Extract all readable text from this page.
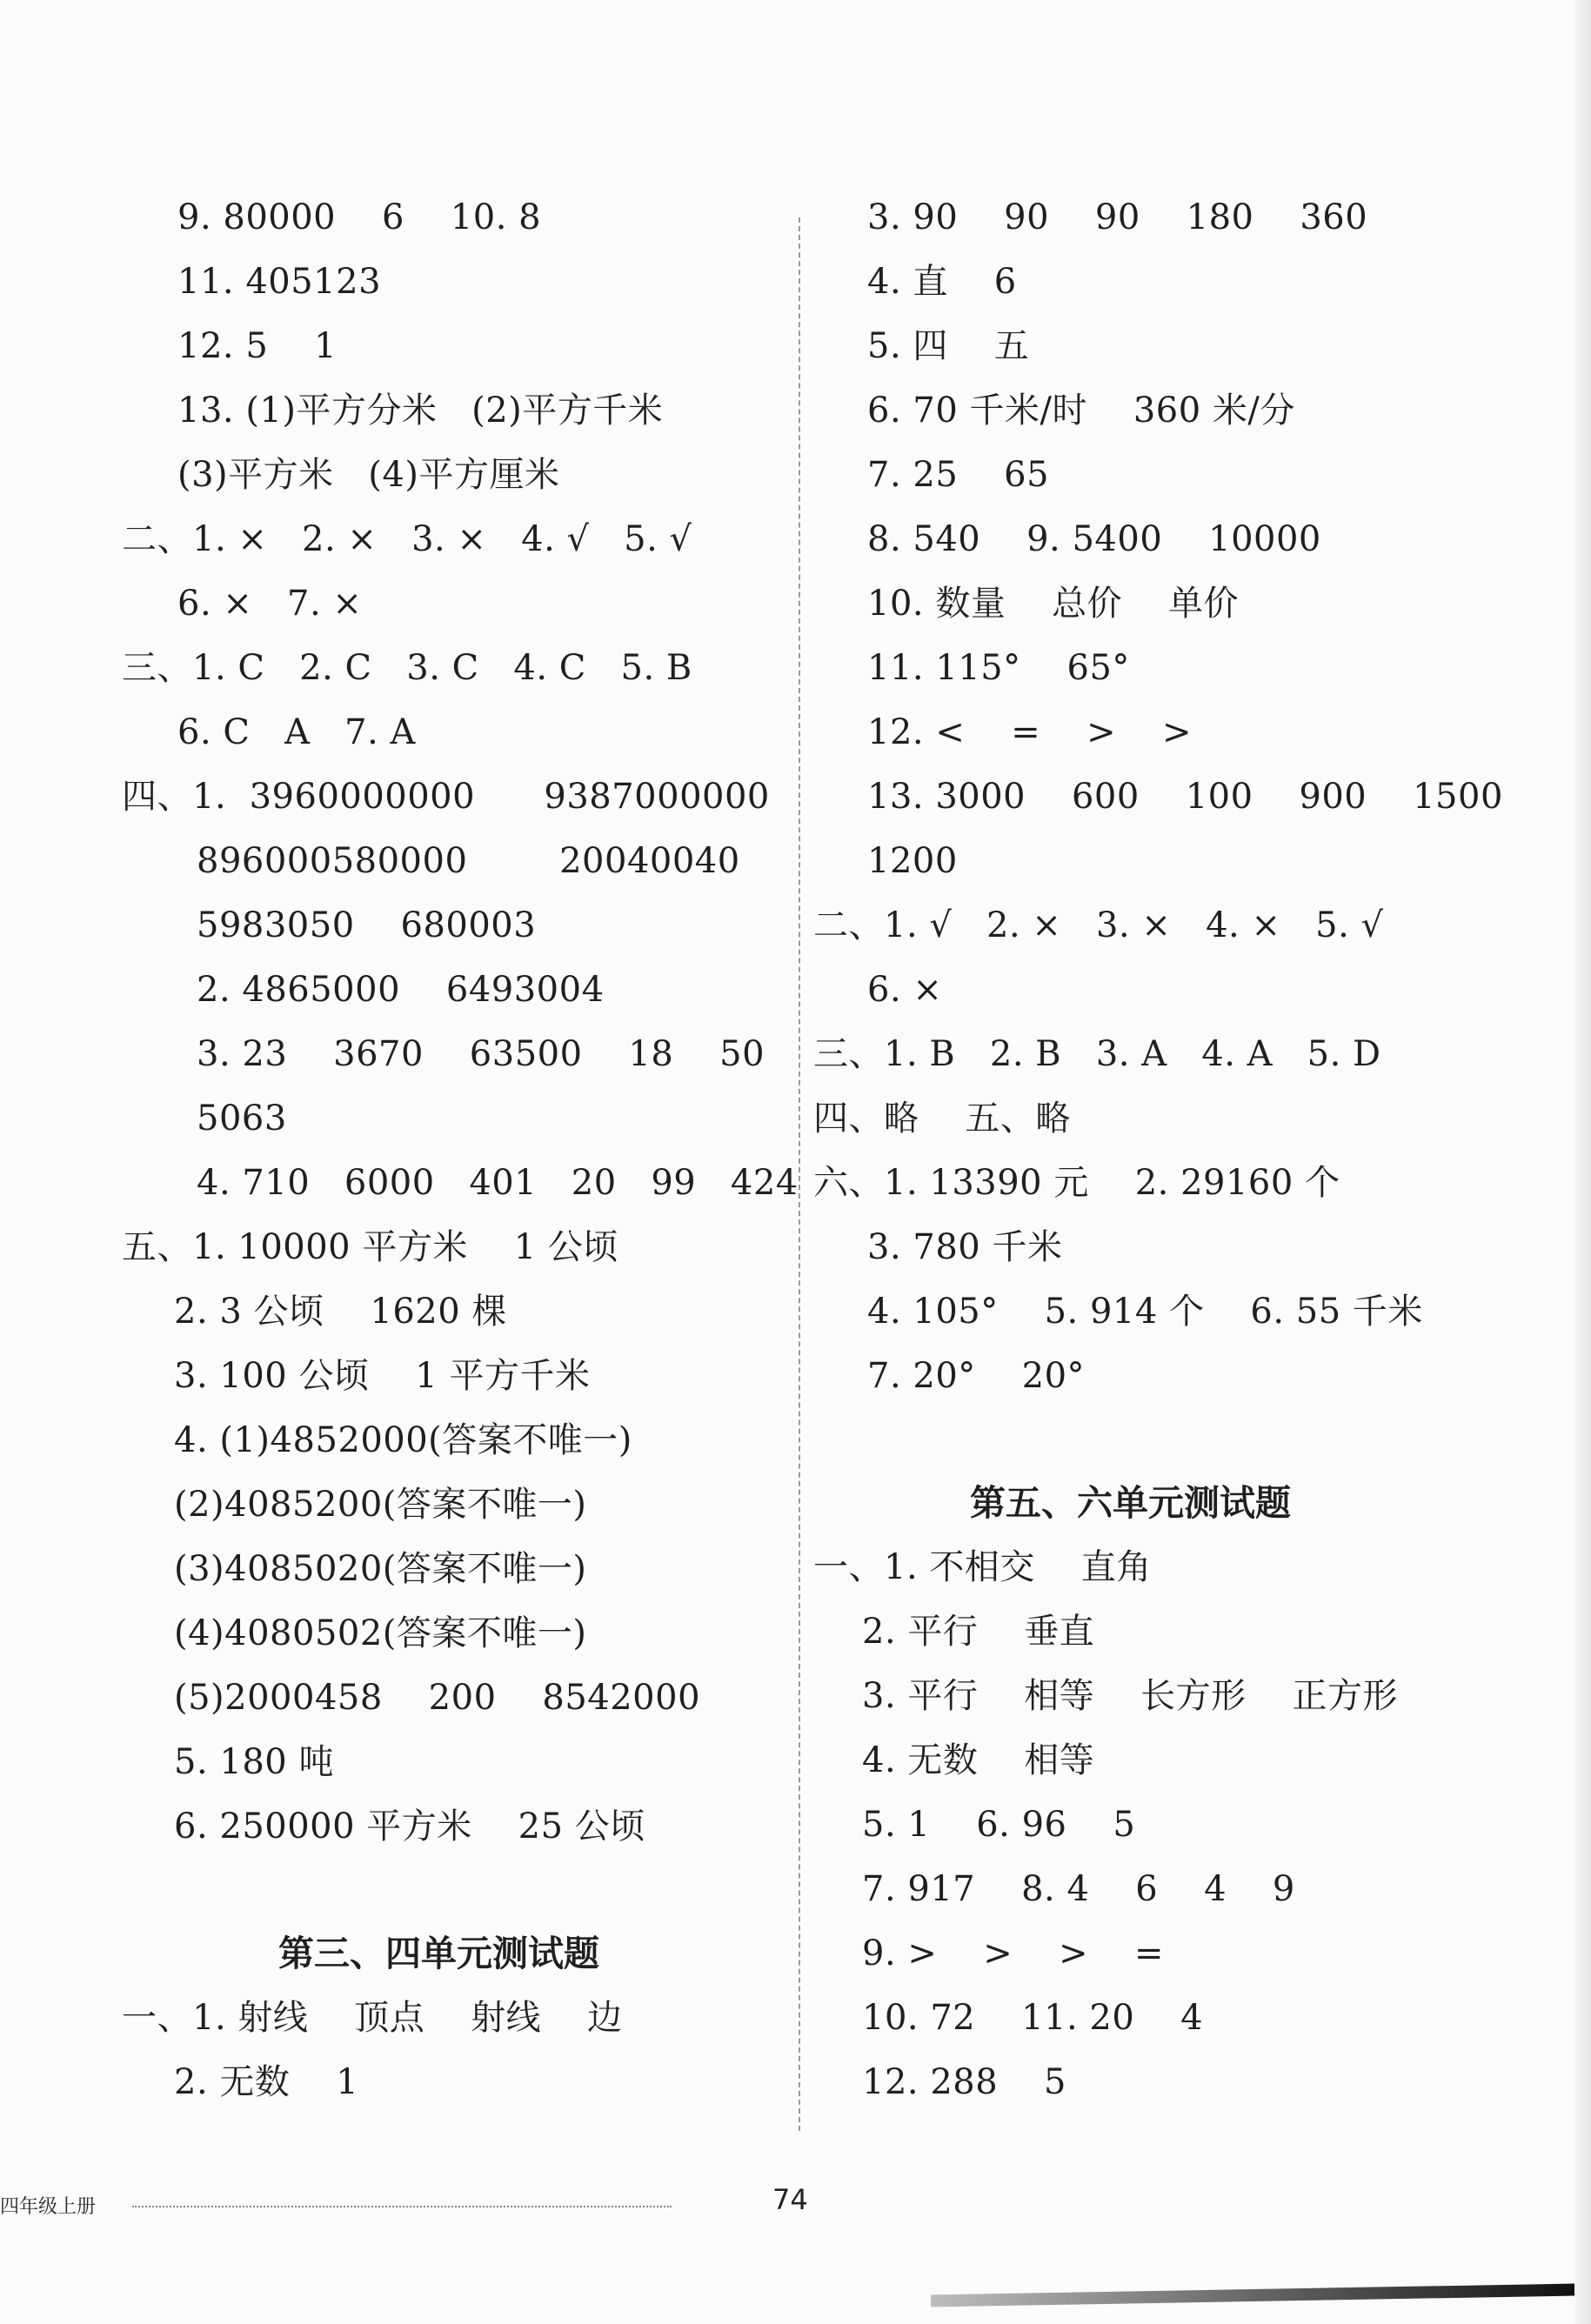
9. 80000    6    10. 8
11. 405123
12. 5    1
13. (1)平方分米   (2)平方千米
(3)平方米   (4)平方厘米
二、1. ×   2. ×   3. ×   4. √   5. √
6. ×   7. ×
三、1. C   2. C   3. C   4. C   5. B
6. C   A   7. A
四、1.  3960000000      9387000000
896000580000        20040040
5983050    680003
2. 4865000    6493004
3. 23    3670    63500    18    50
5063
4. 710   6000   401   20   99   424
五、1. 10000 平方米    1 公顷
2. 3 公顷    1620 棵
3. 100 公顷    1 平方千米
4. (1)4852000(答案不唯一)
(2)4085200(答案不唯一)
(3)4085020(答案不唯一)
(4)4080502(答案不唯一)
(5)2000458    200    8542000
5. 180 吨
6. 250000 平方米    25 公顷
第三、四单元测试题
一、1. 射线    顶点    射线    边
2. 无数    1
3. 90    90    90    180    360
4. 直    6
5. 四    五
6. 70 千米/时    360 米/分
7. 25    65
8. 540    9. 5400    10000
10. 数量    总价    单价
11. 115°    65°
12. <    =    >    >
13. 3000    600    100    900    1500
1200
二、1. √   2. ×   3. ×   4. ×   5. √
6. ×
三、1. B   2. B   3. A   4. A   5. D
四、略    五、略
六、1. 13390 元    2. 29160 个
3. 780 千米
4. 105°    5. 914 个    6. 55 千米
7. 20°    20°
第五、六单元测试题
一、1. 不相交    直角
2. 平行    垂直
3. 平行    相等    长方形    正方形
4. 无数    相等
5. 1    6. 96    5
7. 917    8. 4    6    4    9
9. >    >    >    =
10. 72    11. 20    4
12. 288    5
四年级上册	74
